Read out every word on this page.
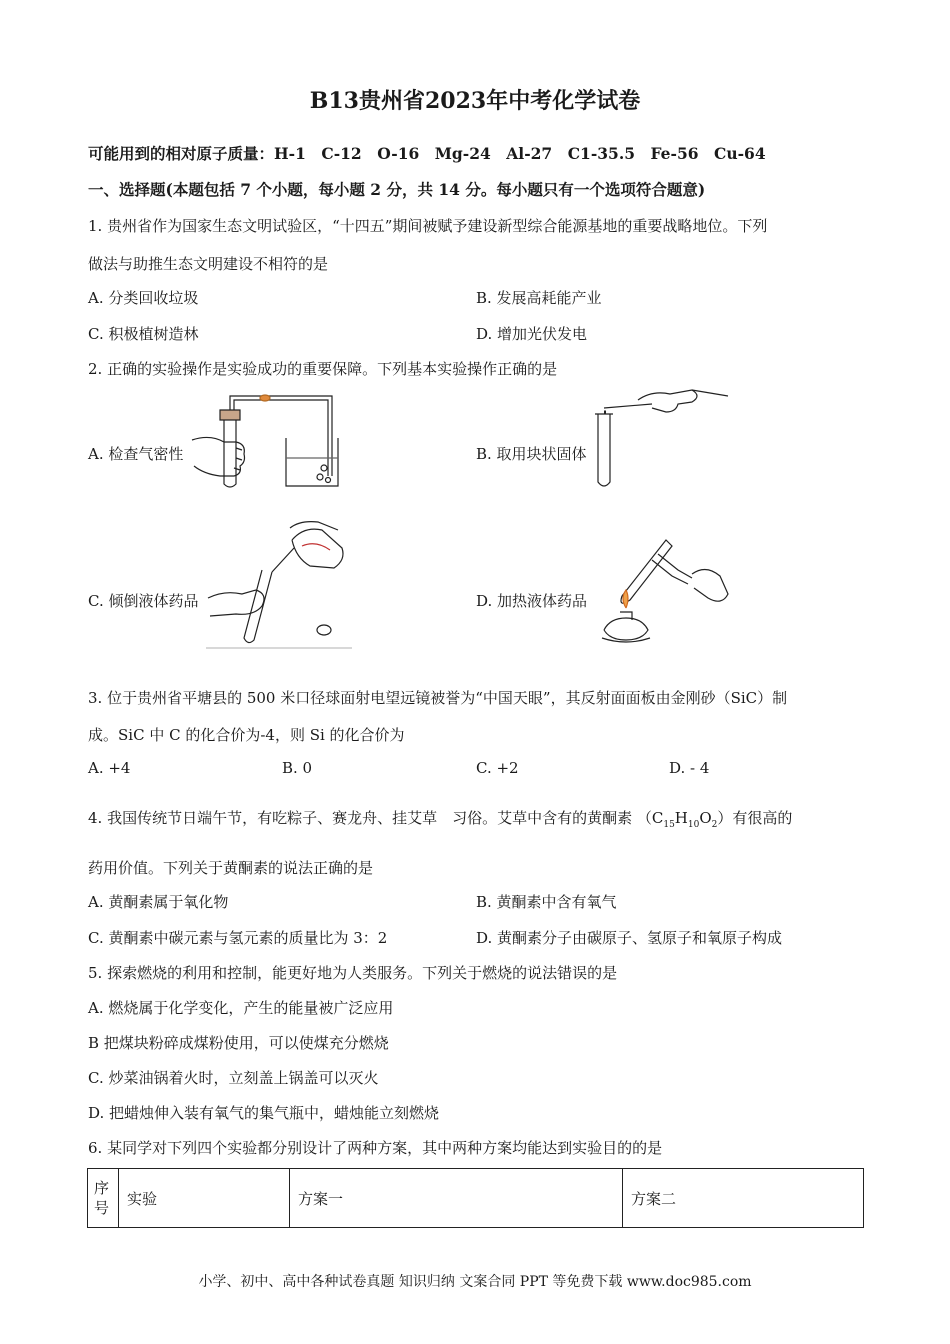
B13贵州省2023年中考化学试卷
可能用到的相对原子质量：H-1　C-12　O-16　Mg-24　Al-27　C1-35.5　Fe-56　Cu-64
一、选择题(本题包括 7 个小题，每小题 2 分，共 14 分。每小题只有一个选项符合题意)
1. 贵州省作为国家生态文明试验区，“十四五”期间被赋予建设新型综合能源基地的重要战略地位。下列
做法与助推生态文明建设不相符的是
A. 分类回收垃圾	B. 发展高耗能产业
C. 积极植树造林	D. 增加光伏发电
2. 正确的实验操作是实验成功的重要保障。下列基本实验操作正确的是
A. 检查气密性	B. 取用块状固体
C. 倾倒液体药品	D. 加热液体药品
3. 位于贵州省平塘县的 500 米口径球面射电望远镜被誉为“中国天眼”，其反射面面板由金刚砂（SiC）制
成。SiC 中 C 的化合价为-4，则 Si 的化合价为
A. +4	B. 0	C. +2	D. - 4
4. 我国传统节日端午节，有吃粽子、赛龙舟、挂艾草　习俗。艾草中含有的黄酮素 $(C_{15}H_{10}O_2)$有很高的
药用价值。下列关于黄酮素的说法正确的是
A. 黄酮素属于氧化物	B. 黄酮素中含有氧气
C. 黄酮素中碳元素与氢元素的质量比为 3：2	D. 黄酮素分子由碳原子、氢原子和氧原子构成
5. 探索燃烧的利用和控制，能更好地为人类服务。下列关于燃烧的说法错误的是
A. 燃烧属于化学变化，产生的能量被广泛应用
B 把煤块粉碎成煤粉使用，可以使煤充分燃烧
C. 炒菜油锅着火时，立刻盖上锅盖可以灭火
D. 把蜡烛伸入装有氧气的集气瓶中，蜡烛能立刻燃烧
6. 某同学对下列四个实验都分别设计了两种方案，其中两种方案均能达到实验目的的是
序号	实验	方案一	方案二
小学、初中、高中各种试卷真题 知识归纳 文案合同 PPT 等免费下载 www.doc985.com
